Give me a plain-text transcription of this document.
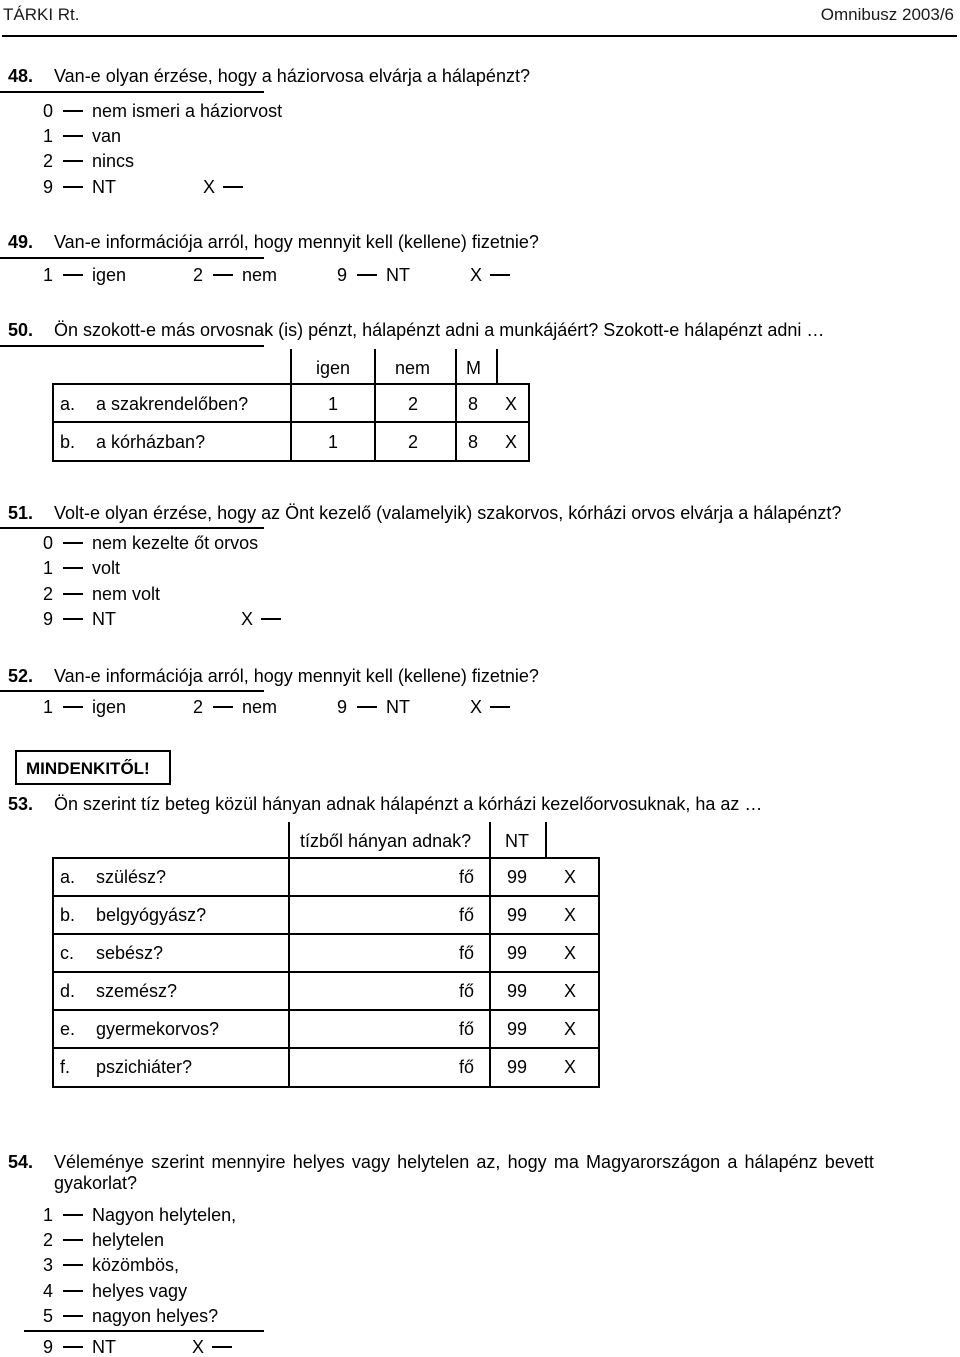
TÁRKI Rt.	Omnibusz 2003/6
48. Van-e olyan érzése, hogy a háziorvosa elvárja a hálapénzt?
0 nem ismeri a háziorvost
1 van
2 nincs
9 NT	X
49. Van-e információja arról, hogy mennyit kell (kellene) fizetnie?
1 igen	2 nem	9 NT	X
50. Ön szokott-e más orvosnak (is) pénzt, hálapénzt adni a munkájáért? Szokott-e hálapénzt adni …
igen nem M
a. a szakrendelőben?	1	2	8 X
b. a kórházban?	1	2	8 X
51. Volt-e olyan érzése, hogy az Önt kezelő (valamelyik) szakorvos, kórházi orvos elvárja a hálapénzt?
0 nem kezelte őt orvos
1 volt
2 nem volt
9 NT	X
52. Van-e információja arról, hogy mennyit kell (kellene) fizetnie?
1 igen	2 nem	9 NT	X
MINDENKITŐL!
53. Ön szerint tíz beteg közül hányan adnak hálapénzt a kórházi kezelőorvosuknak, ha az …
tízből hányan adnak? NT
a. szülész?	fő 99 X
b. belgyógyász?	fő 99 X
c. sebész?	fő 99 X
d. szemész?	fő 99 X
e. gyermekorvos?	fő 99 X
f. pszichiáter?	fő 99 X
54. Véleménye szerint mennyire helyes vagy helytelen az, hogy ma Magyarországon a hálapénz bevett
gyakorlat?
1 Nagyon helytelen,
2 helytelen
3 közömbös,
4 helyes vagy
5 nagyon helyes?
9 NT	X
